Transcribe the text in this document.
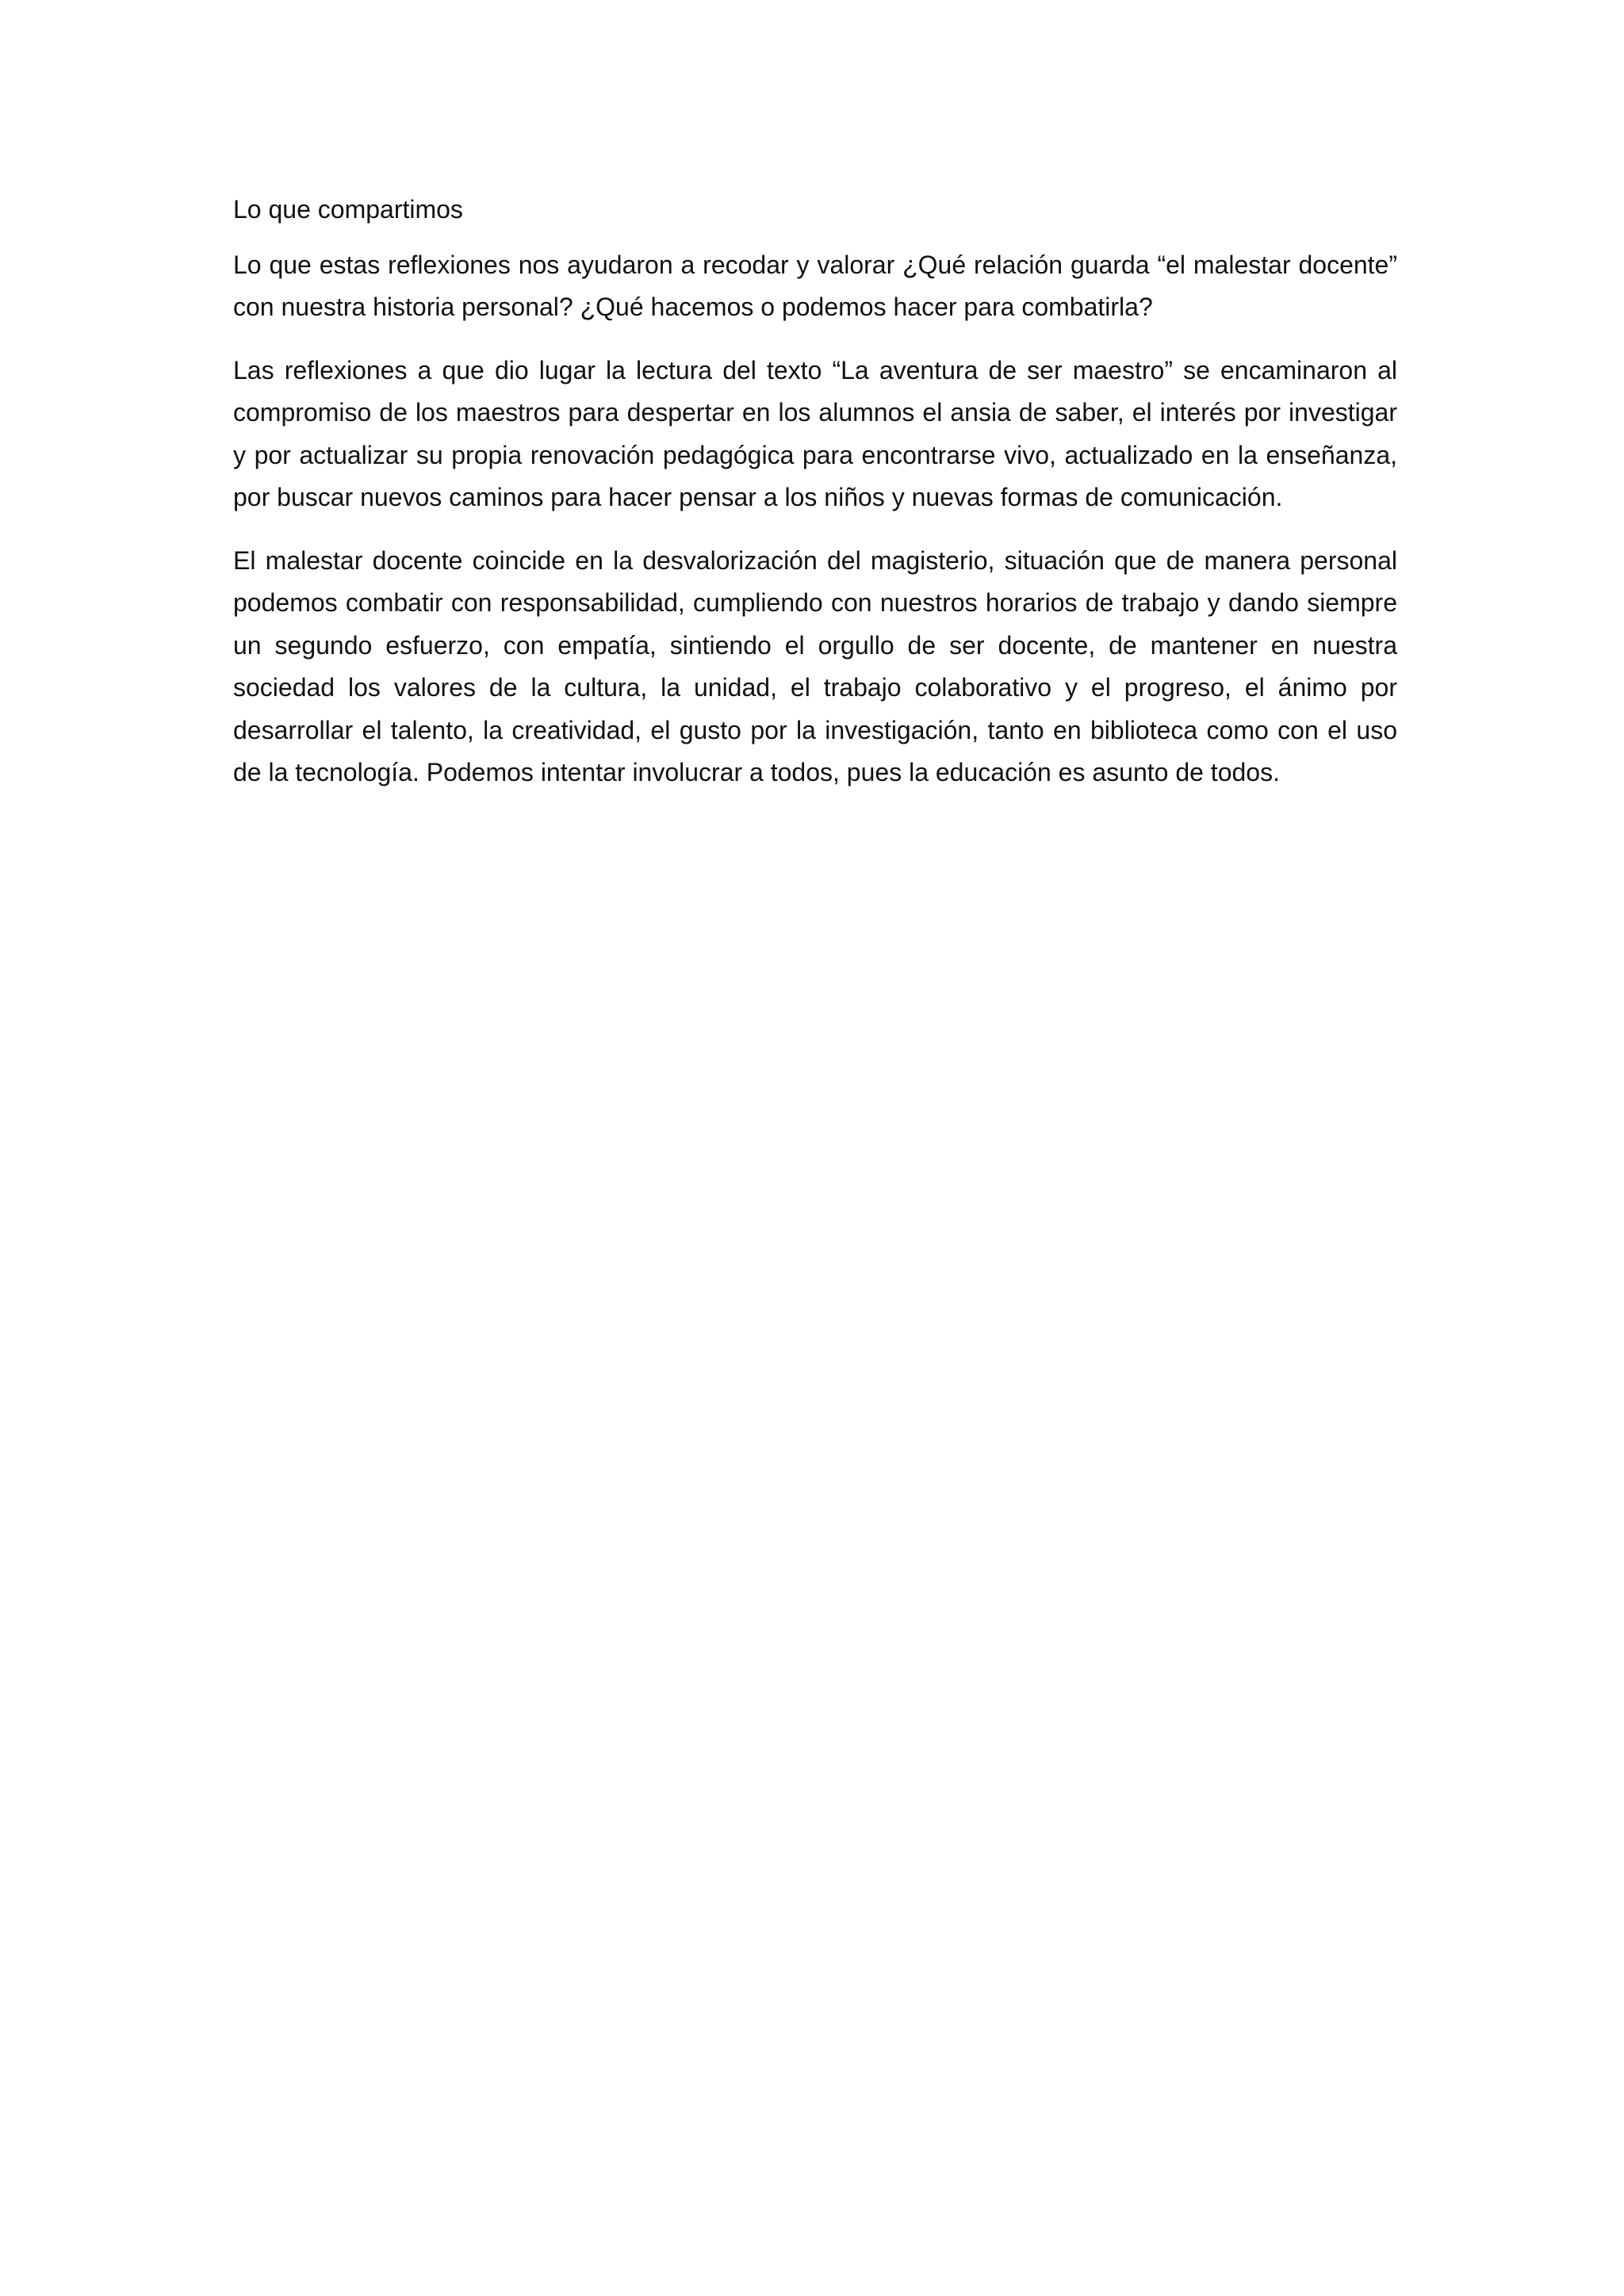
Lo que compartimos

Lo que estas reflexiones nos ayudaron a recodar y valorar ¿Qué relación guarda “el malestar docente” con nuestra historia personal? ¿Qué hacemos o podemos hacer para combatirla?

Las reflexiones a que dio lugar la lectura del texto “La aventura de ser maestro” se encaminaron al compromiso de los maestros para despertar en los alumnos el ansia de saber, el interés por investigar y por actualizar su propia renovación pedagógica para encontrarse vivo, actualizado en la enseñanza, por buscar nuevos caminos para hacer pensar a los niños y nuevas formas de comunicación.

El malestar docente coincide en la desvalorización del magisterio, situación que de manera personal podemos combatir con responsabilidad, cumpliendo con nuestros horarios de trabajo y dando siempre un segundo esfuerzo, con empatía, sintiendo el orgullo de ser docente, de mantener en nuestra sociedad los valores de la cultura, la unidad, el trabajo colaborativo y el progreso, el ánimo por desarrollar el talento, la creatividad, el gusto por la investigación, tanto en biblioteca como con el uso de la tecnología. Podemos intentar involucrar a todos, pues la educación es asunto de todos.
